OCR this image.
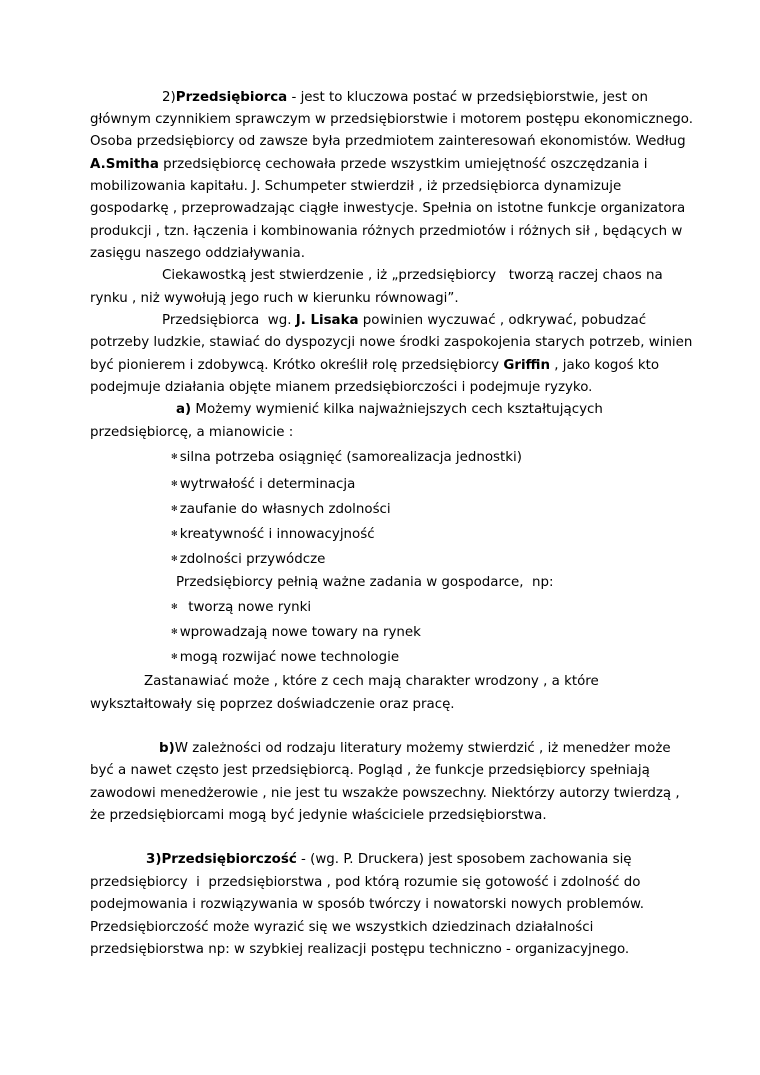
2)Przedsiębiorca - jest to kluczowa postać w przedsiębiorstwie, jest on
głównym czynnikiem sprawczym w przedsiębiorstwie i motorem postępu ekonomicznego.
Osoba przedsiębiorcy od zawsze była przedmiotem zainteresowań ekonomistów. Według
A.Smitha przedsiębiorcę cechowała przede wszystkim umiejętność oszczędzania i
mobilizowania kapitału. J. Schumpeter stwierdził , iż przedsiębiorca dynamizuje
gospodarkę , przeprowadzając ciągłe inwestycje. Spełnia on istotne funkcje organizatora
produkcji , tzn. łączenia i kombinowania różnych przedmiotów i różnych sił , będących w
zasięgu naszego oddziaływania.
Ciekawostką jest stwierdzenie , iż „przedsiębiorcy   tworzą raczej chaos na
rynku , niż wywołują jego ruch w kierunku równowagi”.
Przedsiębiorca  wg. J. Lisaka powinien wyczuwać , odkrywać, pobudzać
potrzeby ludzkie, stawiać do dyspozycji nowe środki zaspokojenia starych potrzeb, winien
być pionierem i zdobywcą. Krótko określił rolę przedsiębiorcy Griffin , jako kogoś kto
podejmuje działania objęte mianem przedsiębiorczości i podejmuje ryzyko.
a) Możemy wymienić kilka najważniejszych cech kształtujących
przedsiębiorcę, a mianowicie :
✻ silna potrzeba osiągnięć (samorealizacja jednostki)
✻ wytrwałość i determinacja
✻ zaufanie do własnych zdolności
✻ kreatywność i innowacyjność
✻ zdolności przywódcze
Przedsiębiorcy pełnią ważne zadania w gospodarce,  np:
✻  tworzą nowe rynki
✻ wprowadzają nowe towary na rynek
✻ mogą rozwijać nowe technologie
Zastanawiać może , które z cech mają charakter wrodzony , a które
wykształtowały się poprzez doświadczenie oraz pracę.
b)W zależności od rodzaju literatury możemy stwierdzić , iż menedżer może
być a nawet często jest przedsiębiorcą. Pogląd , że funkcje przedsiębiorcy spełniają
zawodowi menedżerowie , nie jest tu wszakże powszechny. Niektórzy autorzy twierdzą ,
że przedsiębiorcami mogą być jedynie właściciele przedsiębiorstwa.
3)Przedsiębiorczość - (wg. P. Druckera) jest sposobem zachowania się
przedsiębiorcy  i  przedsiębiorstwa , pod którą rozumie się gotowość i zdolność do
podejmowania i rozwiązywania w sposób twórczy i nowatorski nowych problemów.
Przedsiębiorczość może wyrazić się we wszystkich dziedzinach działalności
przedsiębiorstwa np: w szybkiej realizacji postępu techniczno - organizacyjnego.
